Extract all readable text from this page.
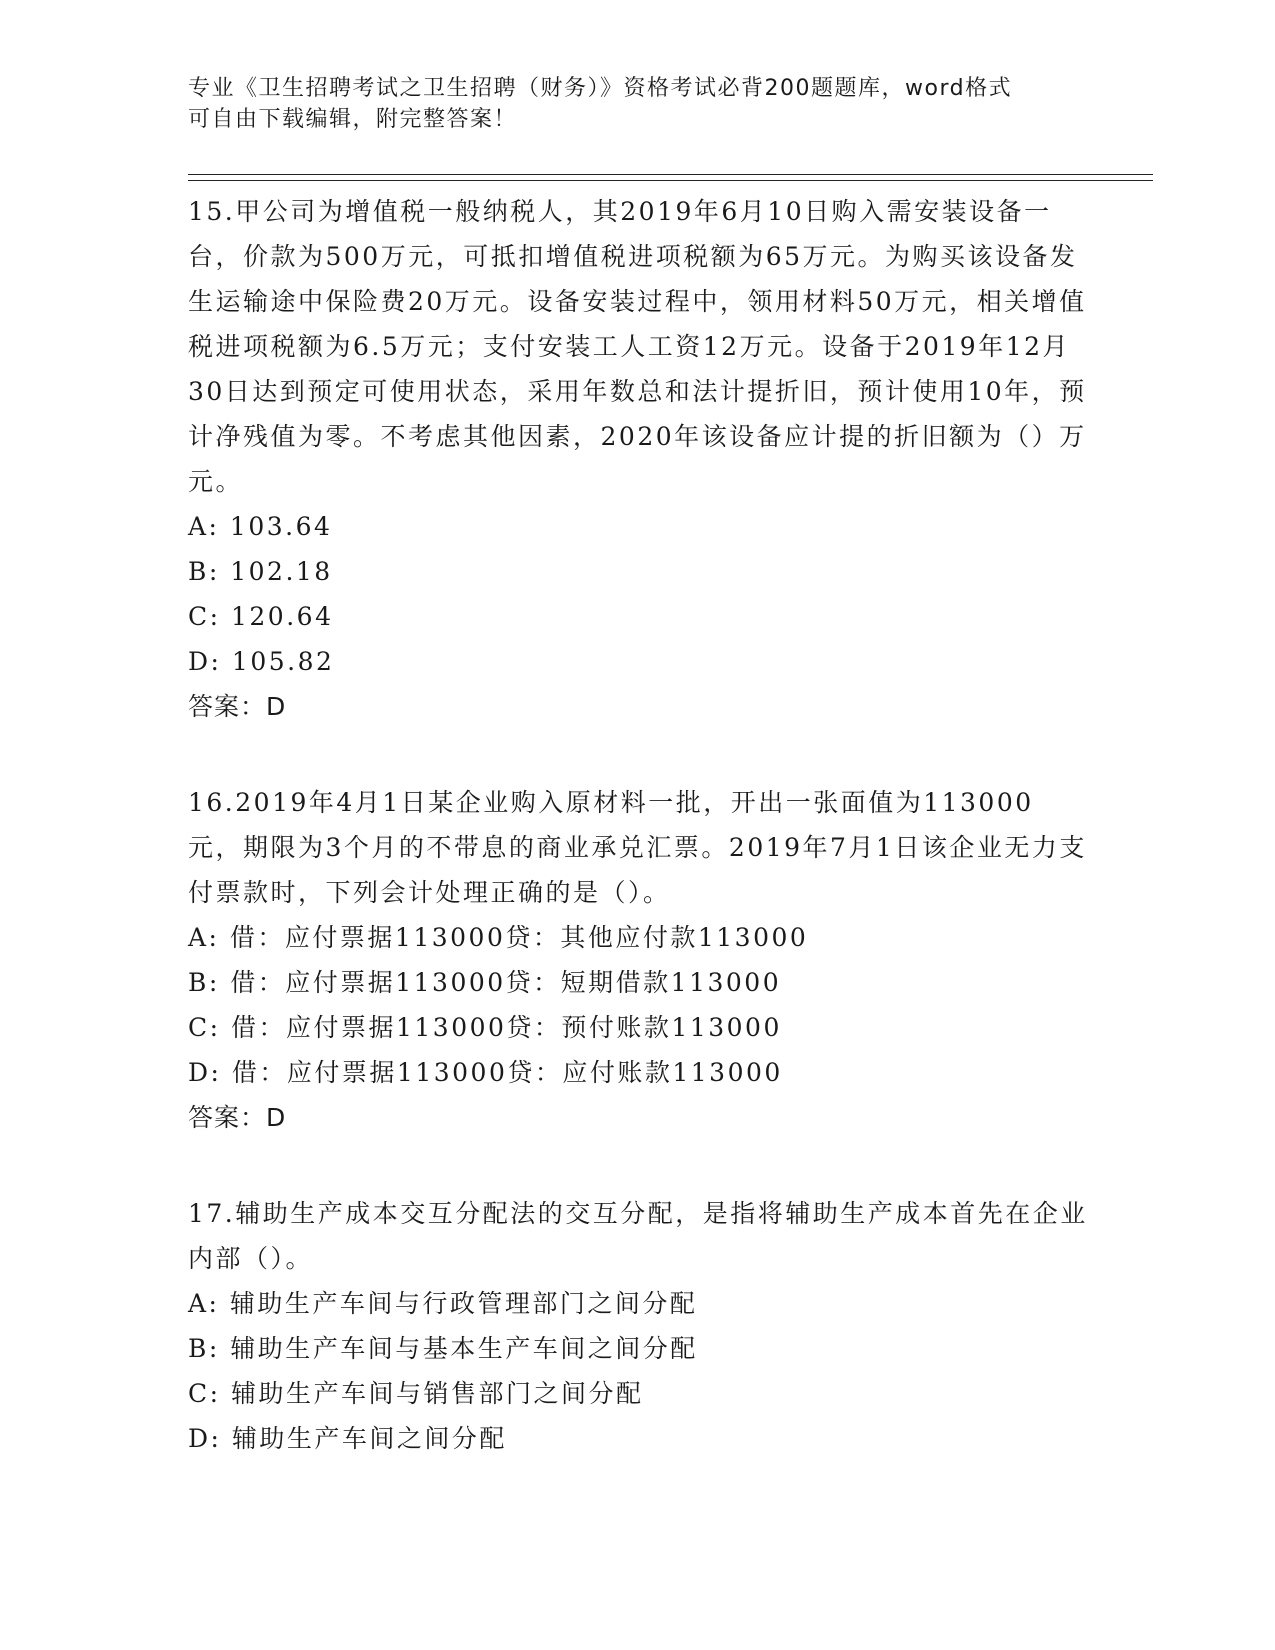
专业《卫生招聘考试之卫生招聘（财务）》资格考试必背200题题库，word格式
可自由下载编辑，附完整答案！

15.甲公司为增值税一般纳税人，其2019年6月10日购入需安装设备一台，价款为500万元，可抵扣增值税进项税额为65万元。为购买该设备发生运输途中保险费20万元。设备安装过程中，领用材料50万元，相关增值税进项税额为6.5万元；支付安装工人工资12万元。设备于2019年12月30日达到预定可使用状态，采用年数总和法计提折旧，预计使用10年，预计净残值为零。不考虑其他因素，2020年该设备应计提的折旧额为（）万元。

A: 103.64

B: 102.18

C: 120.64

D: 105.82

答案：D

16.2019年4月1日某企业购入原材料一批，开出一张面值为113000元，期限为3个月的不带息的商业承兑汇票。2019年7月1日该企业无力支付票款时，下列会计处理正确的是（）。

A: 借：应付票据113000贷：其他应付款113000

B: 借：应付票据113000贷：短期借款113000

C: 借：应付票据113000贷：预付账款113000

D: 借：应付票据113000贷：应付账款113000

答案：D

17.辅助生产成本交互分配法的交互分配，是指将辅助生产成本首先在企业内部（）。

A: 辅助生产车间与行政管理部门之间分配

B: 辅助生产车间与基本生产车间之间分配

C: 辅助生产车间与销售部门之间分配

D: 辅助生产车间之间分配
